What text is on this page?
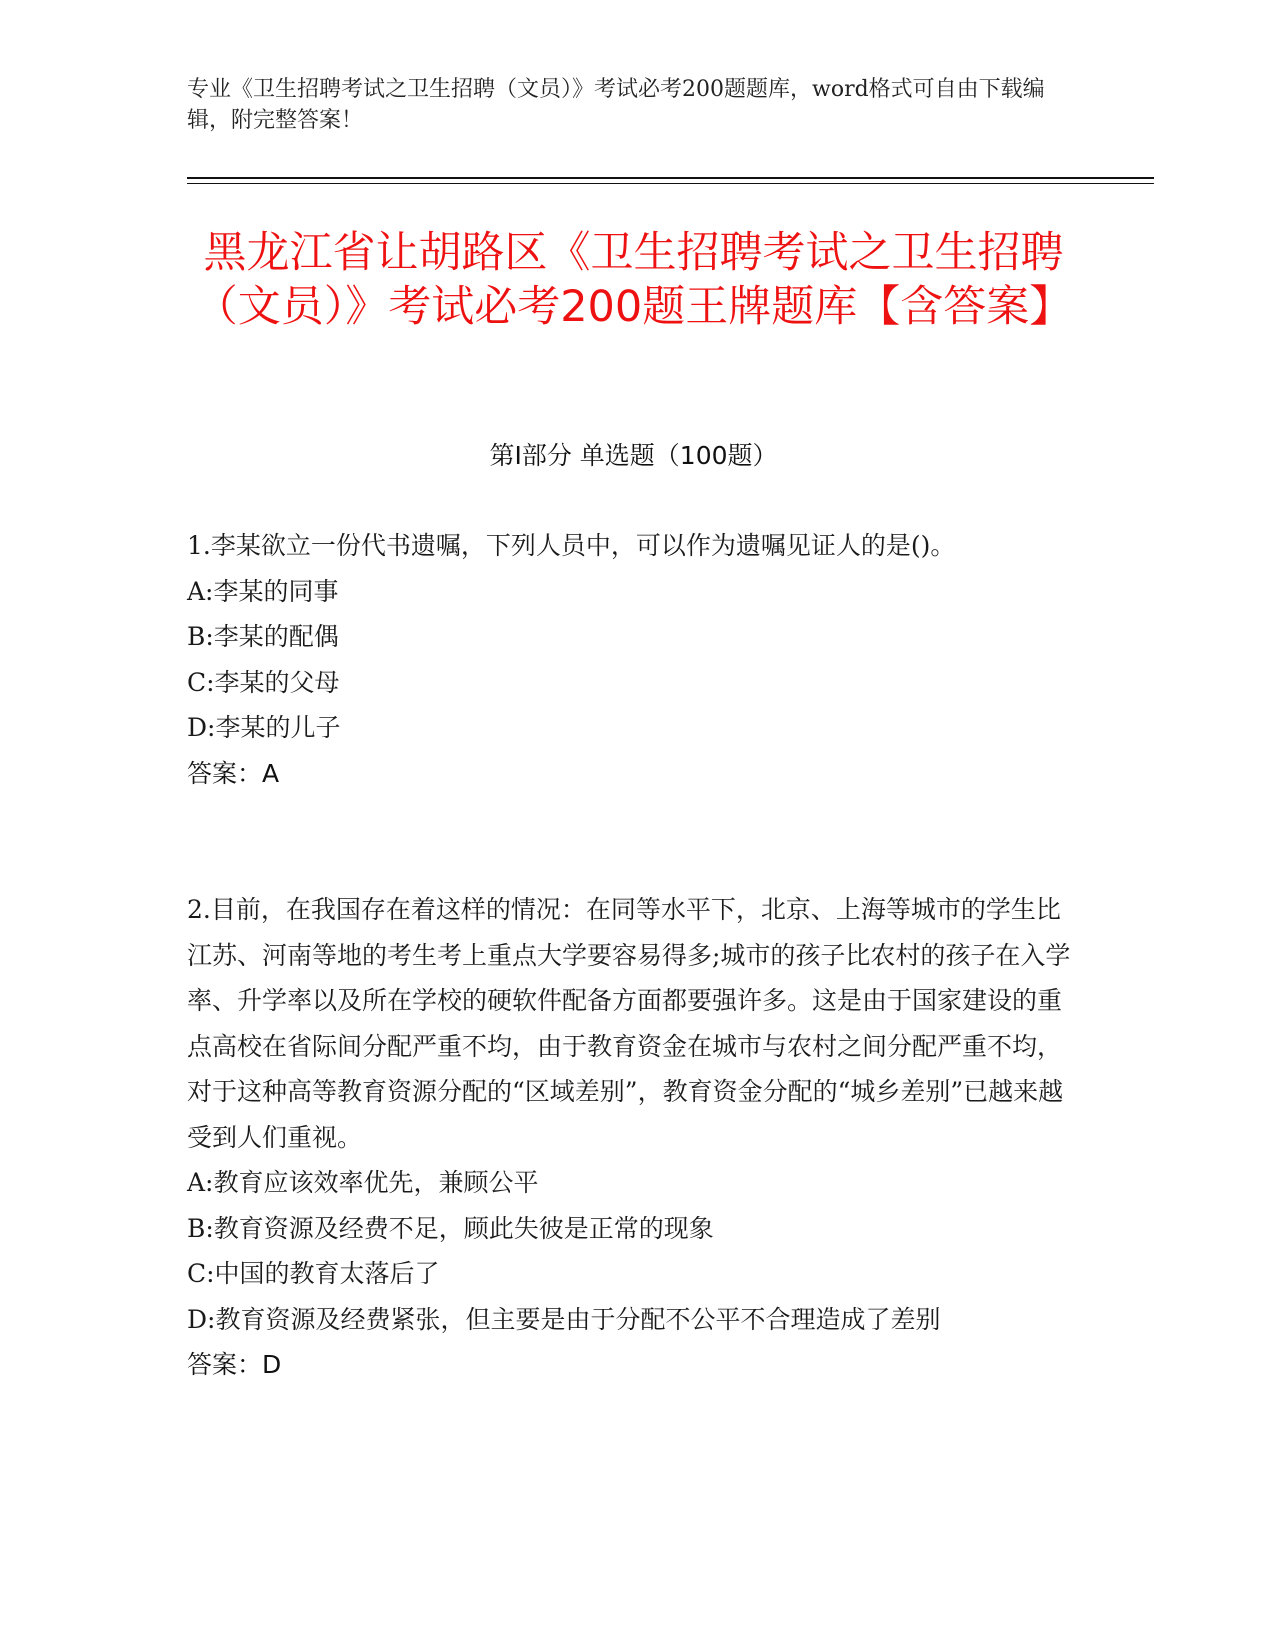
专业《卫生招聘考试之卫生招聘（文员）》考试必考200题题库，word格式可自由下载编辑，附完整答案！
黑龙江省让胡路区《卫生招聘考试之卫生招聘（文员）》考试必考200题王牌题库【含答案】
第Ⅰ部分 单选题（100题）
1.李某欲立一份代书遗嘱，下列人员中，可以作为遗嘱见证人的是()。
A:李某的同事
B:李某的配偶
C:李某的父母
D:李某的儿子
答案：A
2.目前，在我国存在着这样的情况：在同等水平下，北京、上海等城市的学生比江苏、河南等地的考生考上重点大学要容易得多;城市的孩子比农村的孩子在入学率、升学率以及所在学校的硬软件配备方面都要强许多。这是由于国家建设的重点高校在省际间分配严重不均，由于教育资金在城市与农村之间分配严重不均，对于这种高等教育资源分配的“区域差别”，教育资金分配的“城乡差别”已越来越受到人们重视。
A:教育应该效率优先，兼顾公平
B:教育资源及经费不足，顾此失彼是正常的现象
C:中国的教育太落后了
D:教育资源及经费紧张，但主要是由于分配不公平不合理造成了差别
答案：D
